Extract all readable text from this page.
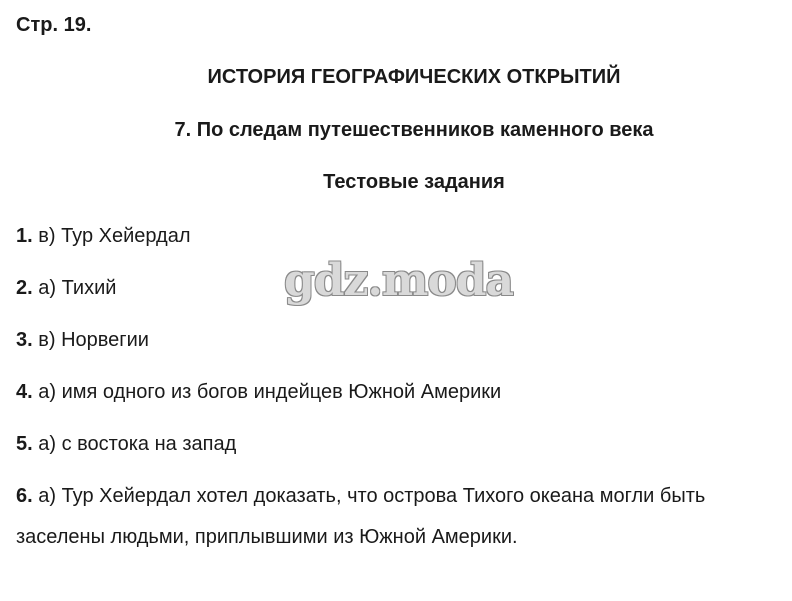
Стр. 19.
ИСТОРИЯ ГЕОГРАФИЧЕСКИХ ОТКРЫТИЙ
7. По следам путешественников каменного века
Тестовые задания
1. в) Тур Хейердал
2. а) Тихий
3. в) Норвегии
4. а) имя одного из богов индейцев Южной Америки
5. а) с востока на запад
6. а) Тур Хейердал хотел доказать, что острова Тихого океана могли быть заселены людьми, приплывшими из Южной Америки.
gdz.moda
